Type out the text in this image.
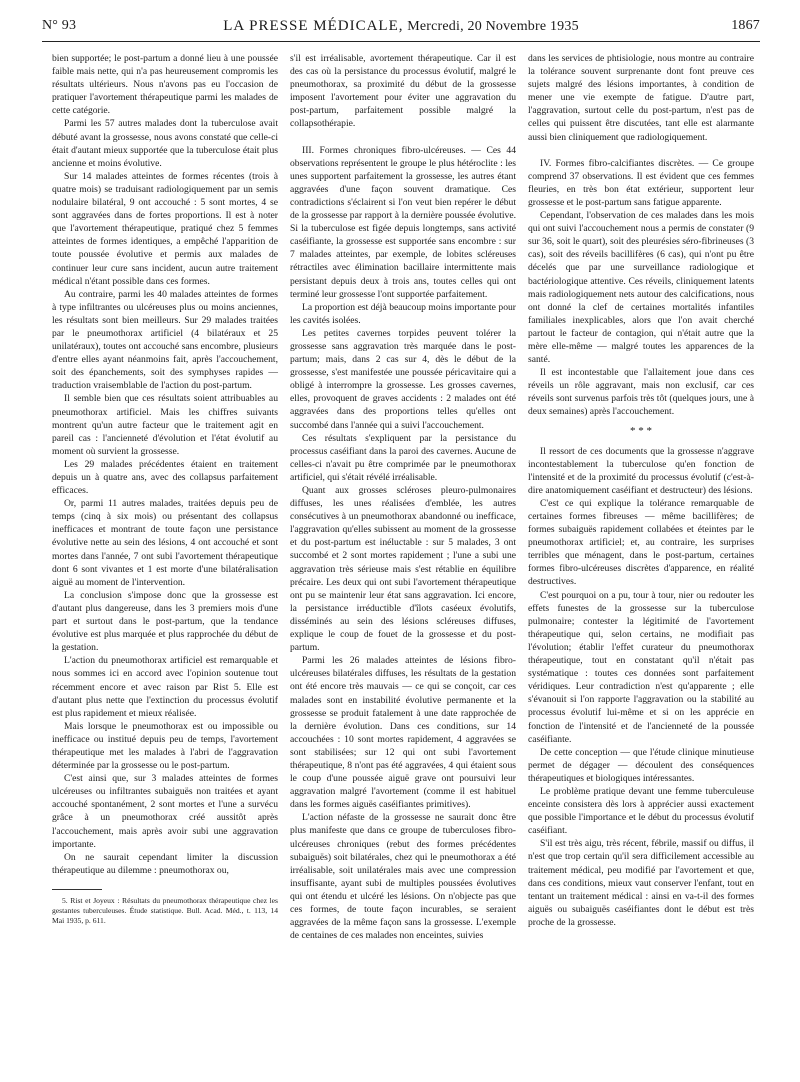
N° 93	LA PRESSE MÉDICALE, Mercredi, 20 Novembre 1935	1867

bien supportée; le post-partum a donné lieu à une poussée faible mais nette, qui n'a pas heureusement compromis les résultats ultérieurs. Nous n'avons pas eu l'occasion de pratiquer l'avortement thérapeutique parmi les malades de cette catégorie.

Parmi les 57 autres malades dont la tuberculose avait débuté avant la grossesse, nous avons constaté que celle-ci était d'autant mieux supportée que la tuberculose était plus ancienne et moins évolutive.

Sur 14 malades atteintes de formes récentes (trois à quatre mois) se traduisant radiologiquement par un semis nodulaire bilatéral, 9 ont accouché : 5 sont mortes, 4 se sont aggravées dans de fortes proportions. Il est à noter que l'avortement thérapeutique, pratiqué chez 5 femmes atteintes de formes identiques, a empêché l'apparition de toute poussée évolutive et permis aux malades de continuer leur cure sans incident, aucun autre traitement médical n'étant possible dans ces formes.

Au contraire, parmi les 40 malades atteintes de formes à type infiltrantes ou ulcéreuses plus ou moins anciennes, les résultats sont bien meilleurs. Sur 29 malades traitées par le pneumothorax artificiel (4 bilatéraux et 25 unilatéraux), toutes ont accouché sans encombre, plusieurs d'entre elles ayant néanmoins fait, après l'accouchement, soit des épanchements, soit des symphyses rapides — traduction vraisemblable de l'action du post-partum.

Il semble bien que ces résultats soient attribuables au pneumothorax artificiel. Mais les chiffres suivants montrent qu'un autre facteur que le traitement agit en pareil cas : l'ancienneté d'évolution et l'état évolutif au moment où survient la grossesse.

Les 29 malades précédentes étaient en traitement depuis un à quatre ans, avec des collapsus parfaitement efficaces.

Or, parmi 11 autres malades, traitées depuis peu de temps (cinq à six mois) ou présentant des collapsus inefficaces et montrant de toute façon une persistance évolutive nette au sein des lésions, 4 ont accouché et sont mortes dans l'année, 7 ont subi l'avortement thérapeutique dont 6 sont vivantes et 1 est morte d'une bilatéralisation aiguë au moment de l'intervention.

La conclusion s'impose donc que la grossesse est d'autant plus dangereuse, dans les 3 premiers mois d'une part et surtout dans le post-partum, que la tendance évolutive est plus marquée et plus rapprochée du début de la gestation.

L'action du pneumothorax artificiel est remarquable et nous sommes ici en accord avec l'opinion soutenue tout récemment encore et avec raison par Rist 5. Elle est d'autant plus nette que l'extinction du processus évolutif est plus rapidement et mieux réalisée.

Mais lorsque le pneumothorax est ou impossible ou inefficace ou institué depuis peu de temps, l'avortement thérapeutique met les malades à l'abri de l'aggravation déterminée par la grossesse ou le post-partum.

C'est ainsi que, sur 3 malades atteintes de formes ulcéreuses ou infiltrantes subaiguës non traitées et ayant accouché spontanément, 2 sont mortes et l'une a survécu grâce à un pneumothorax créé aussitôt après l'accouchement, mais après avoir subi une aggravation importante.

On ne saurait cependant limiter la discussion thérapeutique au dilemme : pneumothorax ou,

5. Rist et Joyeux : Résultats du pneumothorax thérapeutique chez les gestantes tuberculeuses. Étude statistique. Bull. Acad. Méd., t. 113, 14 Mai 1935, p. 611.

s'il est irréalisable, avortement thérapeutique. Car il est des cas où la persistance du processus évolutif, malgré le pneumothorax, sa proximité du début de la grossesse imposent l'avortement pour éviter une aggravation du post-partum, parfaitement possible malgré la collapsothérapie.

III. Formes chroniques fibro-ulcéreuses. — Ces 44 observations représentent le groupe le plus hétéroclite : les unes supportent parfaitement la grossesse, les autres étant aggravées d'une façon souvent dramatique. Ces contradictions s'éclairent si l'on veut bien repérer le début de la grossesse par rapport à la dernière poussée évolutive. Si la tuberculose est figée depuis longtemps, sans activité caséifiante, la grossesse est supportée sans encombre : sur 7 malades atteintes, par exemple, de lobites scléreuses rétractiles avec élimination bacillaire intermittente mais persistant depuis deux à trois ans, toutes celles qui ont terminé leur grossesse l'ont supportée parfaitement.

La proportion est déjà beaucoup moins importante pour les cavités isolées.

Les petites cavernes torpides peuvent tolérer la grossesse sans aggravation très marquée dans le post-partum; mais, dans 2 cas sur 4, dès le début de la grossesse, s'est manifestée une poussée péricavitaire qui a obligé à interrompre la grossesse. Les grosses cavernes, elles, provoquent de graves accidents : 2 malades ont été aggravées dans des proportions telles qu'elles ont succombé dans l'année qui a suivi l'accouchement.

Ces résultats s'expliquent par la persistance du processus caséifiant dans la paroi des cavernes. Aucune de celles-ci n'avait pu être comprimée par le pneumothorax artificiel, qui s'était révélé irréalisable.

Quant aux grosses scléroses pleuro-pulmonaires diffuses, les unes réalisées d'emblée, les autres consécutives à un pneumothorax abandonné ou inefficace, l'aggravation qu'elles subissent au moment de la grossesse et du post-partum est inéluctable : sur 5 malades, 3 ont succombé et 2 sont mortes rapidement ; l'une a subi une aggravation très sérieuse mais s'est rétablie en équilibre précaire. Les deux qui ont subi l'avortement thérapeutique ont pu se maintenir leur état sans aggravation. Ici encore, la persistance irréductible d'îlots caséeux évolutifs, disséminés au sein des lésions scléreuses diffuses, explique le coup de fouet de la grossesse et du post-partum.

Parmi les 26 malades atteintes de lésions fibro-ulcéreuses bilatérales diffuses, les résultats de la gestation ont été encore très mauvais — ce qui se conçoit, car ces malades sont en instabilité évolutive permanente et la grossesse se produit fatalement à une date rapprochée de la dernière évolution. Dans ces conditions, sur 14 accouchées : 10 sont mortes rapidement, 4 aggravées se sont stabilisées; sur 12 qui ont subi l'avortement thérapeutique, 8 n'ont pas été aggravées, 4 qui étaient sous le coup d'une poussée aiguë grave ont poursuivi leur aggravation malgré l'avortement (comme il est habituel dans les formes aiguës caséifiantes primitives).

L'action néfaste de la grossesse ne saurait donc être plus manifeste que dans ce groupe de tuberculoses fibro-ulcéreuses chroniques (rebut des formes précédentes subaiguës) soit bilatérales, chez qui le pneumothorax a été irréalisable, soit unilatérales mais avec une compression insuffisante, ayant subi de multiples poussées évolutives qui ont étendu et ulcéré les lésions. On n'objecte pas que ces formes, de toute façon incurables, se seraient aggravées de la même façon sans la grossesse. L'exemple de centaines de ces malades non enceintes, suivies

dans les services de phtisiologie, nous montre au contraire la tolérance souvent surprenante dont font preuve ces sujets malgré des lésions importantes, à condition de mener une vie exempte de fatigue. D'autre part, l'aggravation, surtout celle du post-partum, n'est pas de celles qui puissent être discutées, tant elle est alarmante aussi bien cliniquement que radiologiquement.

IV. Formes fibro-calcifiantes discrètes. — Ce groupe comprend 37 observations. Il est évident que ces femmes fleuries, en très bon état extérieur, supportent leur grossesse et le post-partum sans fatigue apparente.

Cependant, l'observation de ces malades dans les mois qui ont suivi l'accouchement nous a permis de constater (9 sur 36, soit le quart), soit des pleurésies séro-fibrineuses (3 cas), soit des réveils bacillifères (6 cas), qui n'ont pu être décelés que par une surveillance radiologique et bactériologique attentive. Ces réveils, cliniquement latents mais radiologiquement nets autour des calcifications, nous ont donné la clef de certaines mortalités infantiles familiales inexplicables, alors que l'on avait cherché partout le facteur de contagion, qui n'était autre que la mère elle-même — malgré toutes les apparences de la santé.

Il est incontestable que l'allaitement joue dans ces réveils un rôle aggravant, mais non exclusif, car ces réveils sont survenus parfois très tôt (quelques jours, une à deux semaines) après l'accouchement.

* * *

Il ressort de ces documents que la grossesse n'aggrave incontestablement la tuberculose qu'en fonction de l'intensité et de la proximité du processus évolutif (c'est-à-dire anatomiquement caséifiant et destructeur) des lésions.

C'est ce qui explique la tolérance remarquable de certaines formes fibreuses — même bacillifères; de formes subaiguës rapidement collabées et éteintes par le pneumothorax artificiel; et, au contraire, les surprises terribles que ménagent, dans le post-partum, certaines formes fibro-ulcéreuses discrètes d'apparence, en réalité destructives.

C'est pourquoi on a pu, tour à tour, nier ou redouter les effets funestes de la grossesse sur la tuberculose pulmonaire; contester la légitimité de l'avortement thérapeutique qui, selon certains, ne modifiait pas l'évolution; établir l'effet curateur du pneumothorax thérapeutique, tout en constatant qu'il n'était pas systématique : toutes ces données sont parfaitement véridiques. Leur contradiction n'est qu'apparente ; elle s'évanouit si l'on rapporte l'aggravation ou la stabilité au processus évolutif lui-même et si on les apprécie en fonction de l'intensité et de l'ancienneté de la poussée caséifiante.

De cette conception — que l'étude clinique minutieuse permet de dégager — découlent des conséquences thérapeutiques et biologiques intéressantes.

Le problème pratique devant une femme tuberculeuse enceinte consistera dès lors à apprécier aussi exactement que possible l'importance et le début du processus évolutif caséifiant.

S'il est très aigu, très récent, fébrile, massif ou diffus, il n'est que trop certain qu'il sera difficilement accessible au traitement médical, peu modifié par l'avortement et que, dans ces conditions, mieux vaut conserver l'enfant, tout en tentant un traitement médical : ainsi en va-t-il des formes aiguës ou subaiguës caséifiantes dont le début est très proche de la grossesse.
